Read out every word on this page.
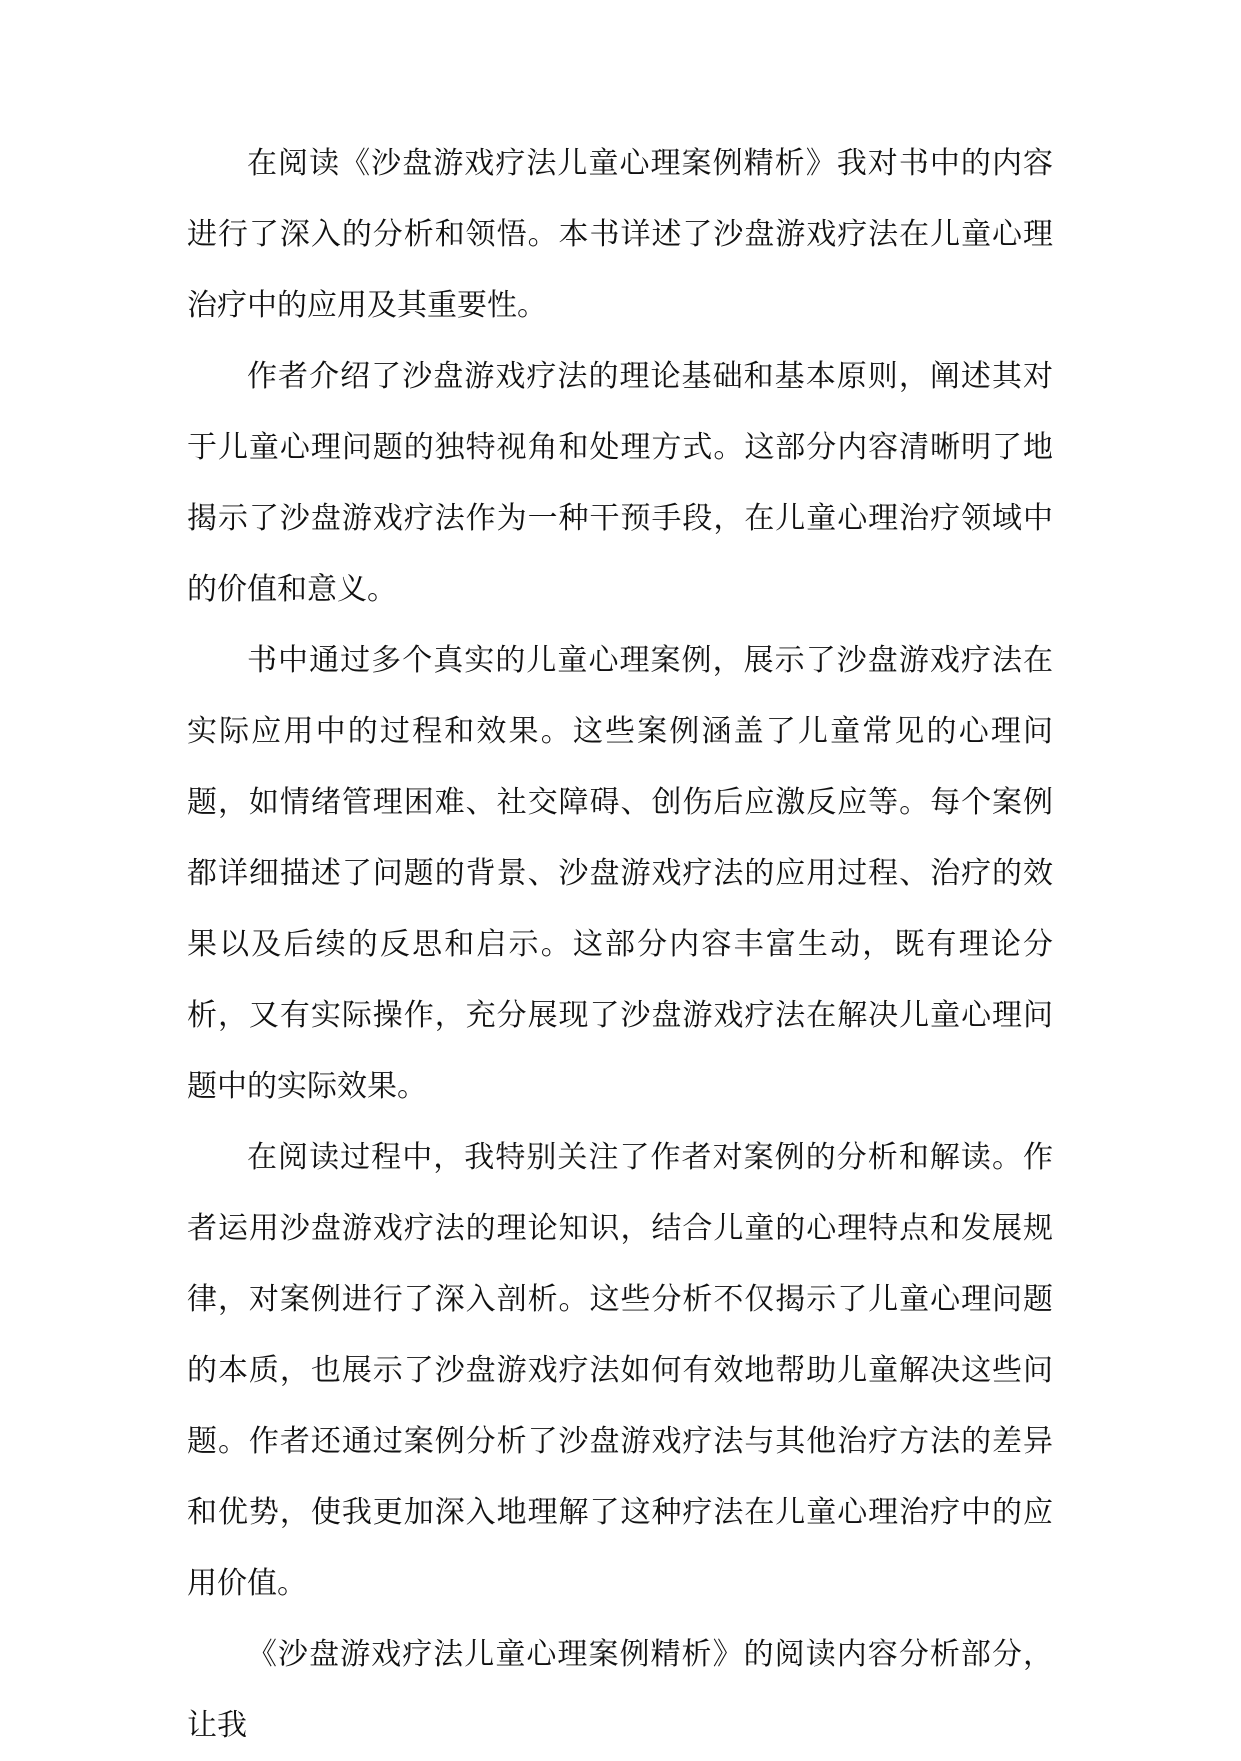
在阅读《沙盘游戏疗法儿童心理案例精析》我对书中的内容进行了深入的分析和领悟。本书详述了沙盘游戏疗法在儿童心理治疗中的应用及其重要性。

作者介绍了沙盘游戏疗法的理论基础和基本原则，阐述其对于儿童心理问题的独特视角和处理方式。这部分内容清晰明了地揭示了沙盘游戏疗法作为一种干预手段，在儿童心理治疗领域中的价值和意义。

书中通过多个真实的儿童心理案例，展示了沙盘游戏疗法在实际应用中的过程和效果。这些案例涵盖了儿童常见的心理问题，如情绪管理困难、社交障碍、创伤后应激反应等。每个案例都详细描述了问题的背景、沙盘游戏疗法的应用过程、治疗的效果以及后续的反思和启示。这部分内容丰富生动，既有理论分析，又有实际操作，充分展现了沙盘游戏疗法在解决儿童心理问题中的实际效果。

在阅读过程中，我特别关注了作者对案例的分析和解读。作者运用沙盘游戏疗法的理论知识，结合儿童的心理特点和发展规律，对案例进行了深入剖析。这些分析不仅揭示了儿童心理问题的本质，也展示了沙盘游戏疗法如何有效地帮助儿童解决这些问题。作者还通过案例分析了沙盘游戏疗法与其他治疗方法的差异和优势，使我更加深入地理解了这种疗法在儿童心理治疗中的应用价值。

《沙盘游戏疗法儿童心理案例精析》的阅读内容分析部分，让我
